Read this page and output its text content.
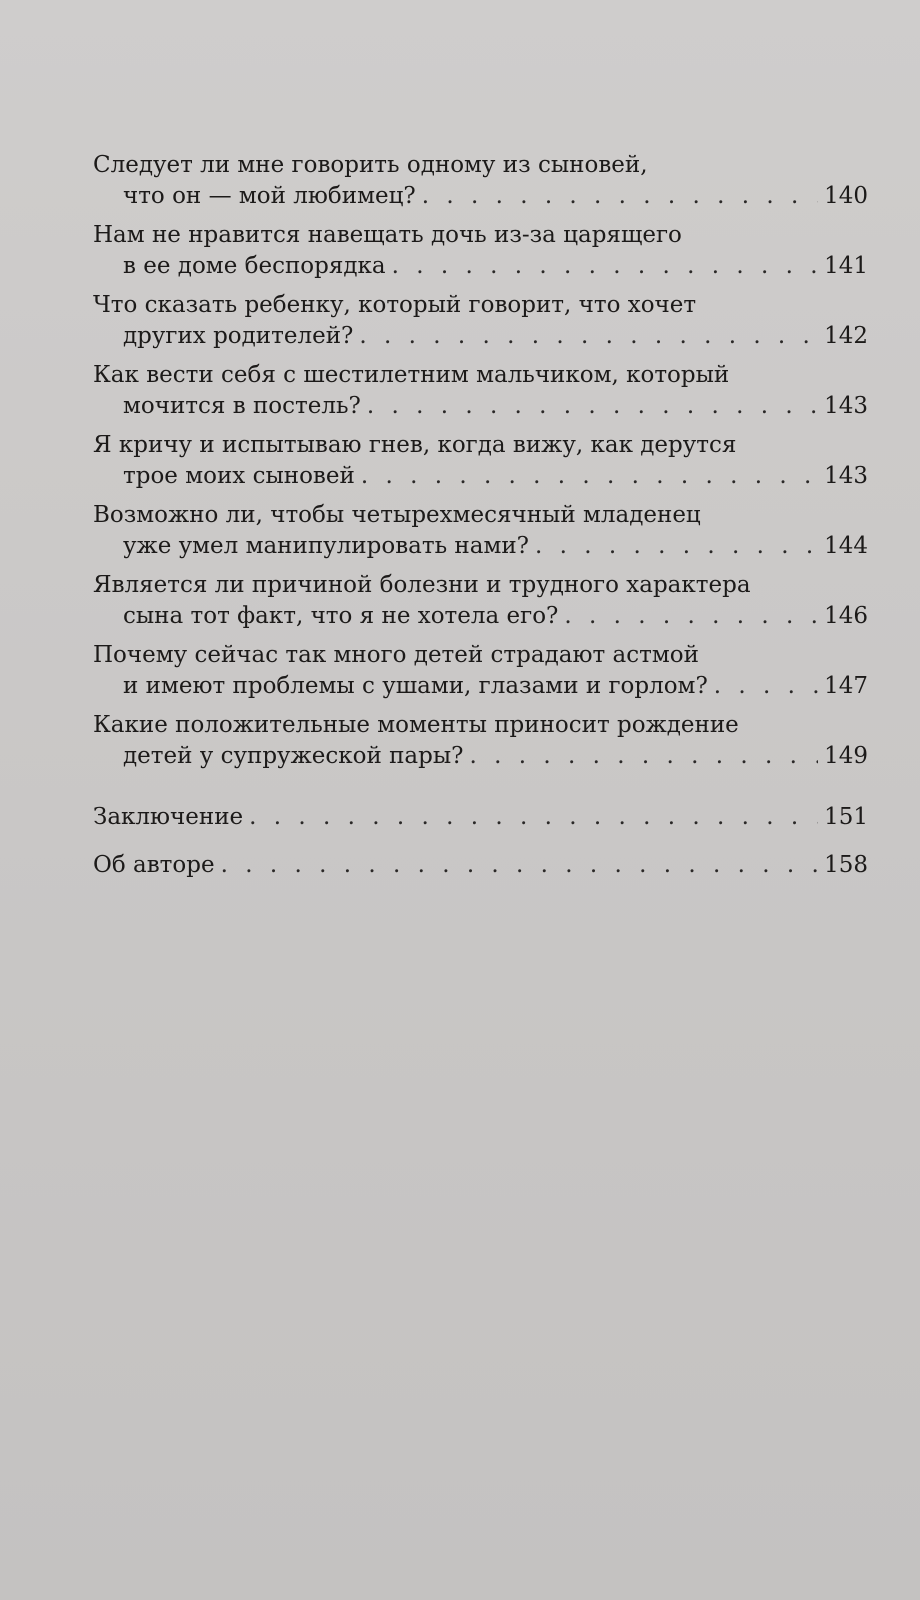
Следует ли мне говорить одному из сыновей,
что он — мой любимец? . . .	140
Нам не нравится навещать дочь из-за царящего
в ее доме беспорядка . . .	141
Что сказать ребенку, который говорит, что хочет
других родителей? . . .	142
Как вести себя с шестилетним мальчиком, который
мочится в постель? . . .	143
Я кричу и испытываю гнев, когда вижу, как дерутся
трое моих сыновей . . .	143
Возможно ли, чтобы четырехмесячный младенец
уже умел манипулировать нами? . . .	144
Является ли причиной болезни и трудного характера
сына тот факт, что я не хотела его? . . .	146
Почему сейчас так много детей страдают астмой
и имеют проблемы с ушами, глазами и горлом? . . .	147
Какие положительные моменты приносит рождение
детей у супружеской пары? . . .	149
Заключение . . .	151
Об авторе . . .	158
